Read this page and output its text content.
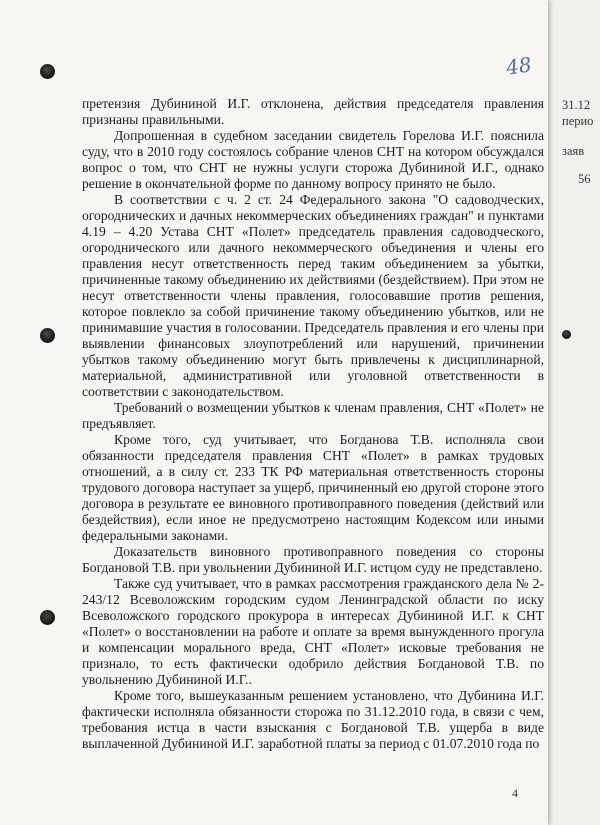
31.12
перио
заяв
56
48

претензия Дубининой И.Г. отклонена, действия председателя правления признаны правильными.

Допрошенная в судебном заседании свидетель Горелова И.Г. пояснила суду, что в 2010 году состоялось собрание членов СНТ на котором обсуждался вопрос о том, что СНТ не нужны услуги сторожа Дубининой И.Г., однако решение в окончательной форме по данному вопросу принято не было.

В соответствии с ч. 2 ст. 24 Федерального закона "О садоводческих, огороднических и дачных некоммерческих объединениях граждан" и пунктами 4.19 – 4.20 Устава СНТ «Полет» председатель правления садоводческого, огороднического или дачного некоммерческого объединения и члены его правления несут ответственность перед таким объединением за убытки, причиненные такому объединению их действиями (бездействием). При этом не несут ответственности члены правления, голосовавшие против решения, которое повлекло за собой причинение такому объединению убытков, или не принимавшие участия в голосовании. Председатель правления и его члены при выявлении финансовых злоупотреблений или нарушений, причинении убытков такому объединению могут быть привлечены к дисциплинарной, материальной, административной или уголовной ответственности в соответствии с законодательством.

Требований о возмещении убытков к членам правления, СНТ «Полет» не предъявляет.

Кроме того, суд учитывает, что Богданова Т.В. исполняла свои обязанности председателя правления СНТ «Полет» в рамках трудовых отношений, а в силу ст. 233 ТК РФ материальная ответственность стороны трудового договора наступает за ущерб, причиненный ею другой стороне этого договора в результате ее виновного противоправного поведения (действий или бездействия), если иное не предусмотрено настоящим Кодексом или иными федеральными законами.

Доказательств виновного противоправного поведения со стороны Богдановой Т.В. при увольнении Дубининой И.Г. истцом суду не представлено.

Также суд учитывает, что в рамках рассмотрения гражданского дела № 2-243/12 Всеволожским городским судом Ленинградской области по иску Всеволожского городского прокурора в интересах Дубининой И.Г. к СНТ «Полет» о восстановлении на работе и оплате за время вынужденного прогула и компенсации морального вреда, СНТ «Полет» исковые требования не признало, то есть фактически одобрило действия Богдановой Т.В. по увольнению Дубининой И.Г..

Кроме того, вышеуказанным решением установлено, что Дубинина И.Г. фактически исполняла обязанности сторожа по 31.12.2010 года, в связи с чем, требования истца в части взыскания с Богдановой Т.В. ущерба в виде выплаченной Дубининой И.Г. заработной платы за период с 01.07.2010 года по

4
